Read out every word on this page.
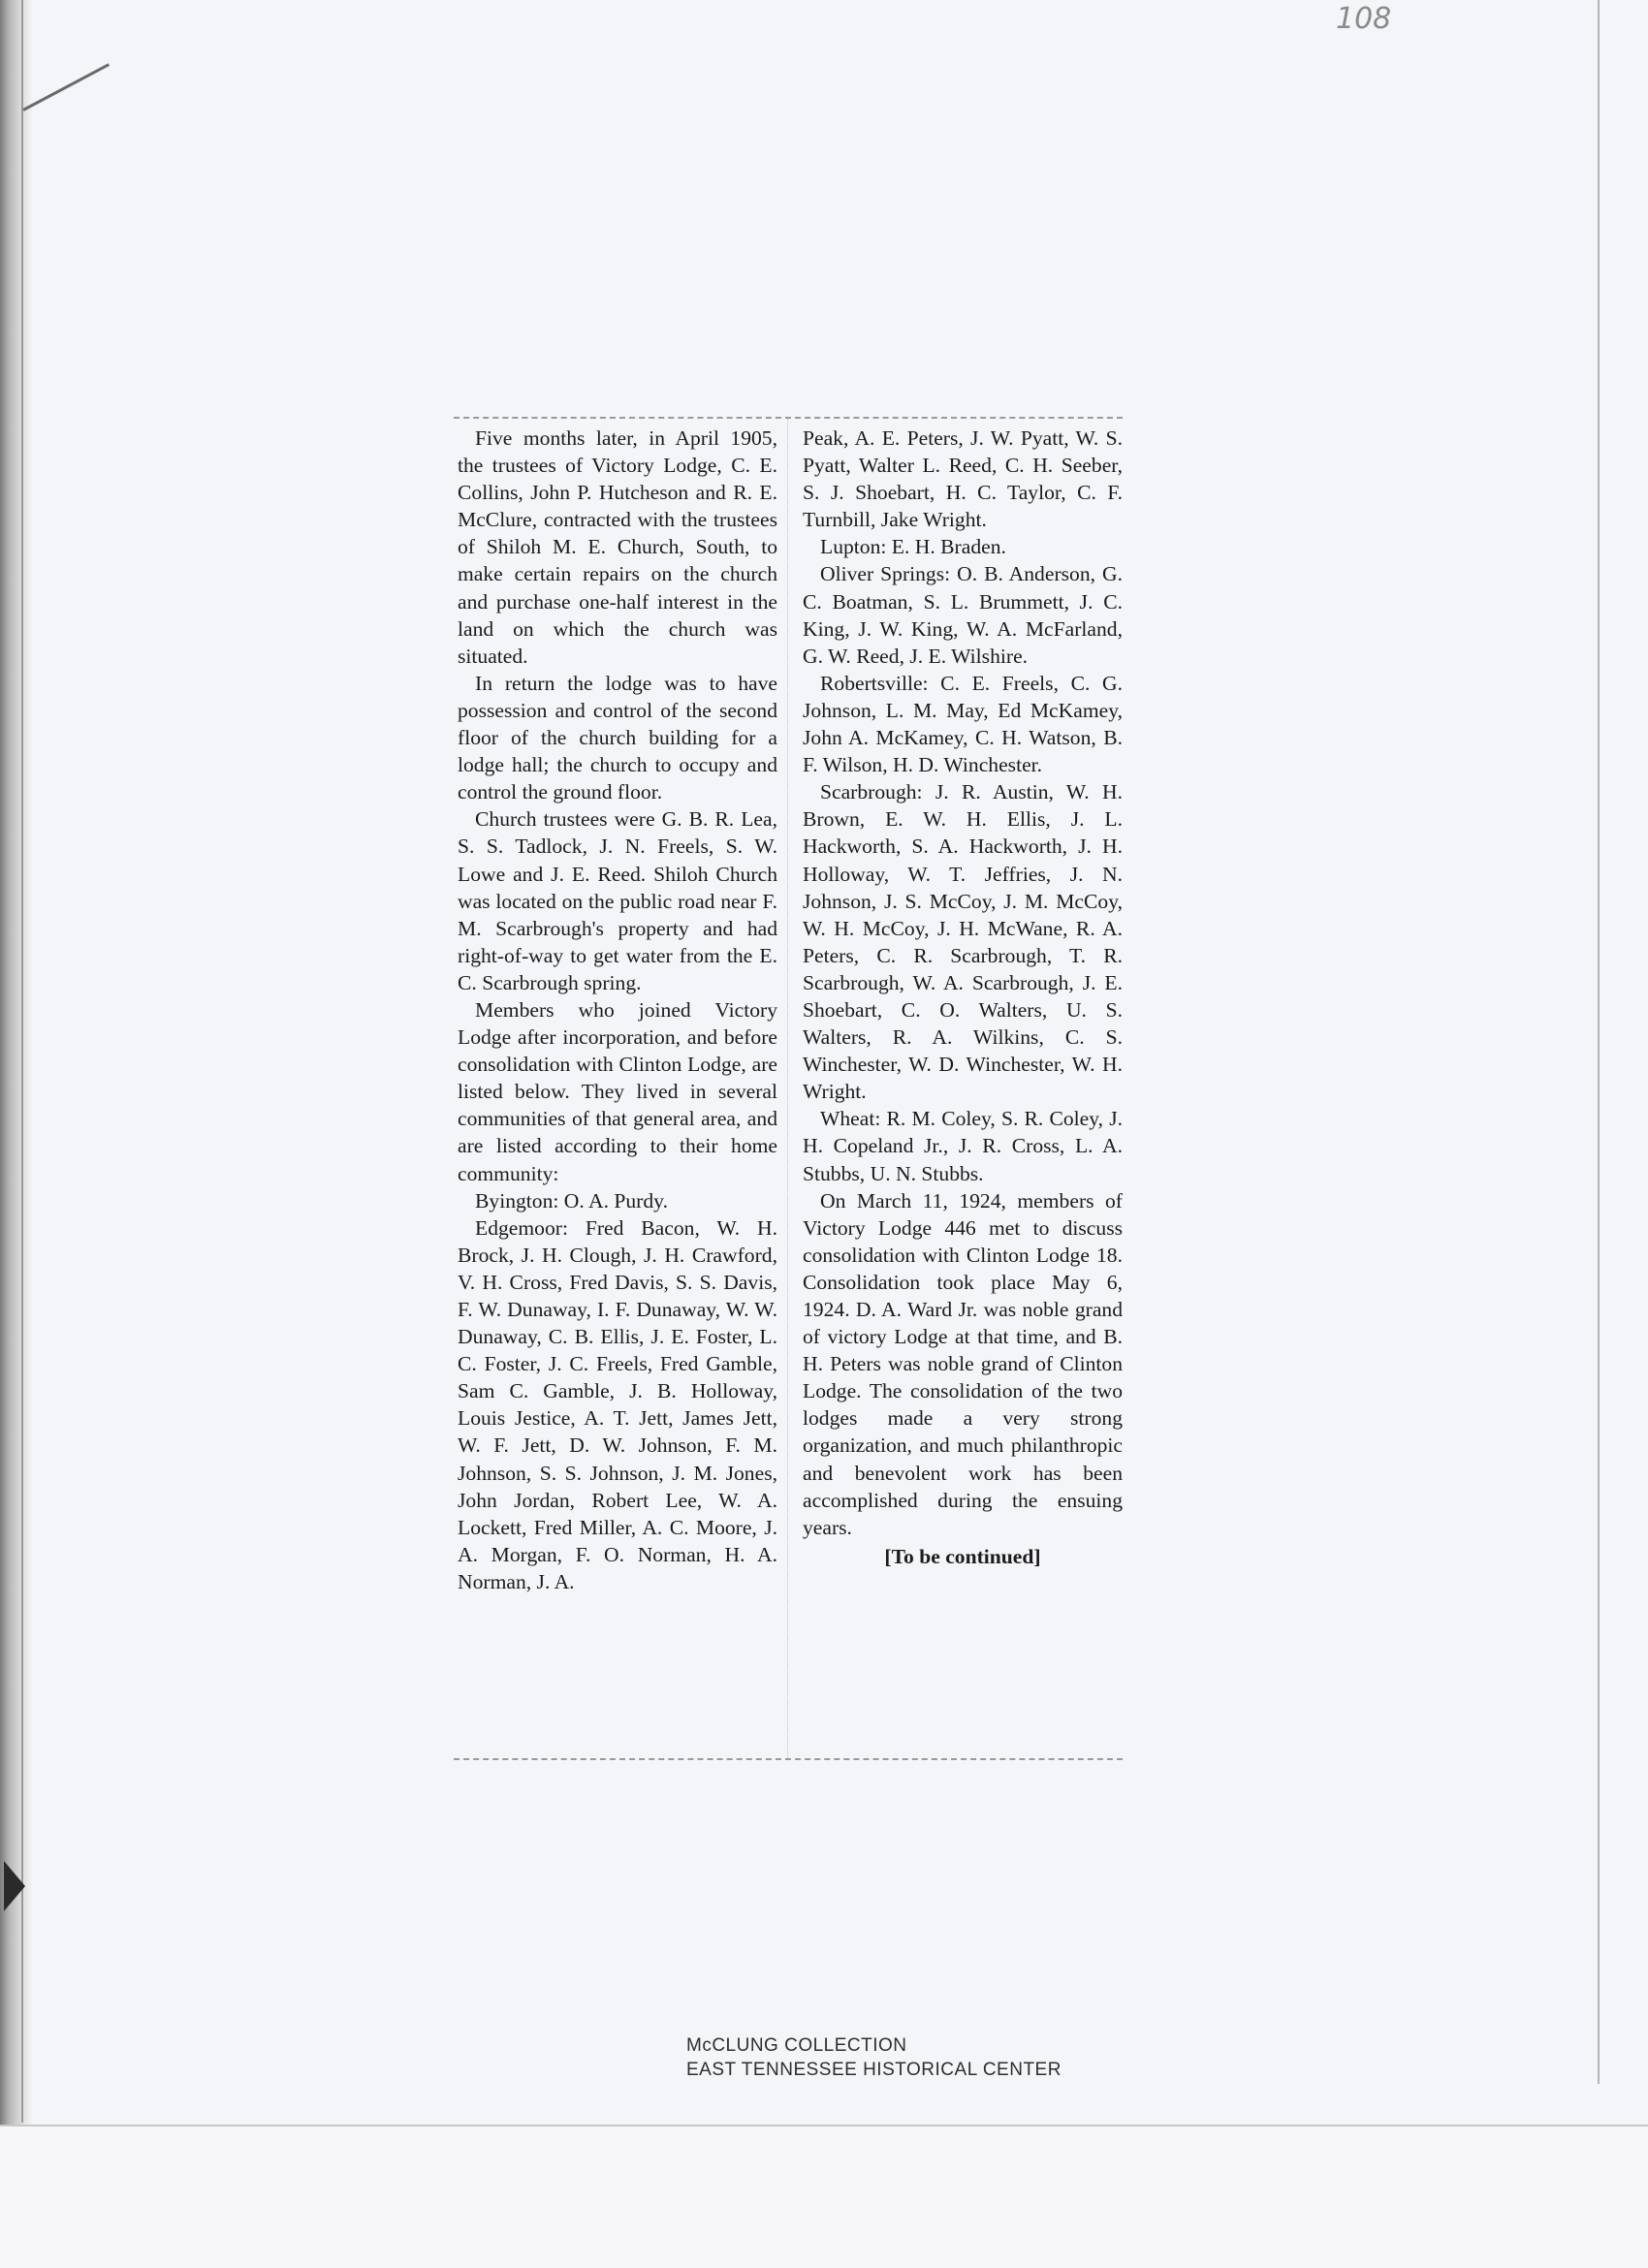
108

Five months later, in April 1905, the trustees of Victory Lodge, C. E. Collins, John P. Hutcheson and R. E. McClure, contracted with the trustees of Shiloh M. E. Church, South, to make certain repairs on the church and purchase one-half interest in the land on which the church was situated.

In return the lodge was to have possession and control of the second floor of the church building for a lodge hall; the church to occupy and control the ground floor.

Church trustees were G. B. R. Lea, S. S. Tadlock, J. N. Freels, S. W. Lowe and J. E. Reed. Shiloh Church was located on the public road near F. M. Scarbrough's property and had right-of-way to get water from the E. C. Scarbrough spring.

Members who joined Victory Lodge after incorporation, and before consolidation with Clinton Lodge, are listed below. They lived in several communities of that general area, and are listed according to their home community:

Byington: O. A. Purdy.

Edgemoor: Fred Bacon, W. H. Brock, J. H. Clough, J. H. Crawford, V. H. Cross, Fred Davis, S. S. Davis, F. W. Dunaway, I. F. Dunaway, W. W. Dunaway, C. B. Ellis, J. E. Foster, L. C. Foster, J. C. Freels, Fred Gamble, Sam C. Gamble, J. B. Holloway, Louis Jestice, A. T. Jett, James Jett, W. F. Jett, D. W. Johnson, F. M. Johnson, S. S. Johnson, J. M. Jones, John Jordan, Robert Lee, W. A. Lockett, Fred Miller, A. C. Moore, J. A. Morgan, F. O. Norman, H. A. Norman, J. A.

Peak, A. E. Peters, J. W. Pyatt, W. S. Pyatt, Walter L. Reed, C. H. Seeber, S. J. Shoebart, H. C. Taylor, C. F. Turnbill, Jake Wright.

Lupton: E. H. Braden.

Oliver Springs: O. B. Anderson, G. C. Boatman, S. L. Brummett, J. C. King, J. W. King, W. A. McFarland, G. W. Reed, J. E. Wilshire.

Robertsville: C. E. Freels, C. G. Johnson, L. M. May, Ed McKamey, John A. McKamey, C. H. Watson, B. F. Wilson, H. D. Winchester.

Scarbrough: J. R. Austin, W. H. Brown, E. W. H. Ellis, J. L. Hackworth, S. A. Hackworth, J. H. Holloway, W. T. Jeffries, J. N. Johnson, J. S. McCoy, J. M. McCoy, W. H. McCoy, J. H. McWane, R. A. Peters, C. R. Scarbrough, T. R. Scarbrough, W. A. Scarbrough, J. E. Shoebart, C. O. Walters, U. S. Walters, R. A. Wilkins, C. S. Winchester, W. D. Winchester, W. H. Wright.

Wheat: R. M. Coley, S. R. Coley, J. H. Copeland Jr., J. R. Cross, L. A. Stubbs, U. N. Stubbs.

On March 11, 1924, members of Victory Lodge 446 met to discuss consolidation with Clinton Lodge 18. Consolidation took place May 6, 1924. D. A. Ward Jr. was noble grand of victory Lodge at that time, and B. H. Peters was noble grand of Clinton Lodge. The consolidation of the two lodges made a very strong organization, and much philanthropic and benevolent work has been accomplished during the ensuing years.

[To be continued]

McCLUNG COLLECTION
EAST TENNESSEE HISTORICAL CENTER
